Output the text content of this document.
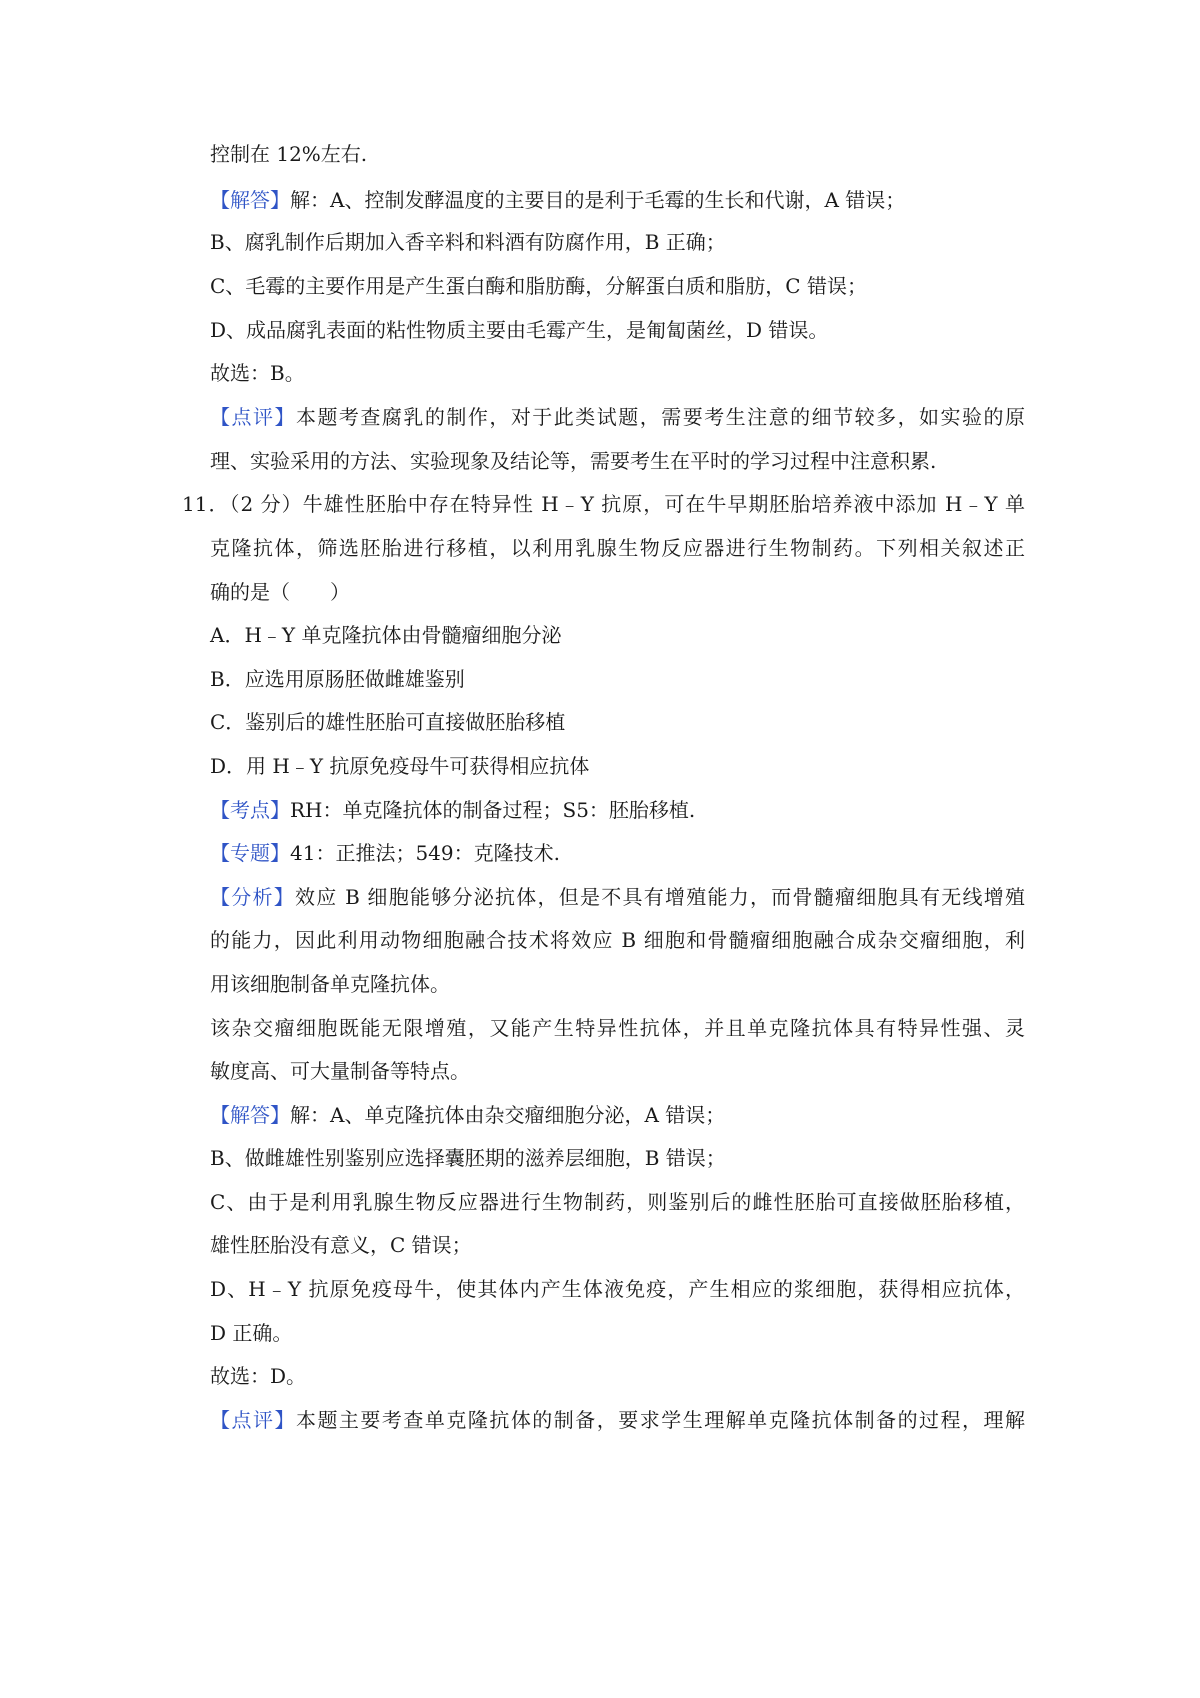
控制在 12%左右.
【解答】解：A、控制发酵温度的主要目的是利于毛霉的生长和代谢，A 错误；
B、腐乳制作后期加入香辛料和料酒有防腐作用，B 正确；
C、毛霉的主要作用是产生蛋白酶和脂肪酶，分解蛋白质和脂肪，C 错误；
D、成品腐乳表面的粘性物质主要由毛霉产生，是匍匐菌丝，D 错误。
故选：B。
【点评】本题考查腐乳的制作，对于此类试题，需要考生注意的细节较多，如实验的原
理、实验采用的方法、实验现象及结论等，需要考生在平时的学习过程中注意积累.
11．（2 分）牛雄性胚胎中存在特异性 H﹣Y 抗原，可在牛早期胚胎培养液中添加 H﹣Y 单
克隆抗体，筛选胚胎进行移植，以利用乳腺生物反应器进行生物制药。下列相关叙述正
确的是（　　）
A．H﹣Y 单克隆抗体由骨髓瘤细胞分泌
B．应选用原肠胚做雌雄鉴别
C．鉴别后的雄性胚胎可直接做胚胎移植
D．用 H﹣Y 抗原免疫母牛可获得相应抗体
【考点】RH：单克隆抗体的制备过程；S5：胚胎移植.
【专题】41：正推法；549：克隆技术.
【分析】效应 B 细胞能够分泌抗体，但是不具有增殖能力，而骨髓瘤细胞具有无线增殖
的能力，因此利用动物细胞融合技术将效应 B 细胞和骨髓瘤细胞融合成杂交瘤细胞，利
用该细胞制备单克隆抗体。
该杂交瘤细胞既能无限增殖，又能产生特异性抗体，并且单克隆抗体具有特异性强、灵
敏度高、可大量制备等特点。
【解答】解：A、单克隆抗体由杂交瘤细胞分泌，A 错误；
B、做雌雄性别鉴别应选择囊胚期的滋养层细胞，B 错误；
C、由于是利用乳腺生物反应器进行生物制药，则鉴别后的雌性胚胎可直接做胚胎移植，
雄性胚胎没有意义，C 错误；
D、H﹣Y 抗原免疫母牛，使其体内产生体液免疫，产生相应的浆细胞，获得相应抗体，
D 正确。
故选：D。
【点评】本题主要考查单克隆抗体的制备，要求学生理解单克隆抗体制备的过程，理解
